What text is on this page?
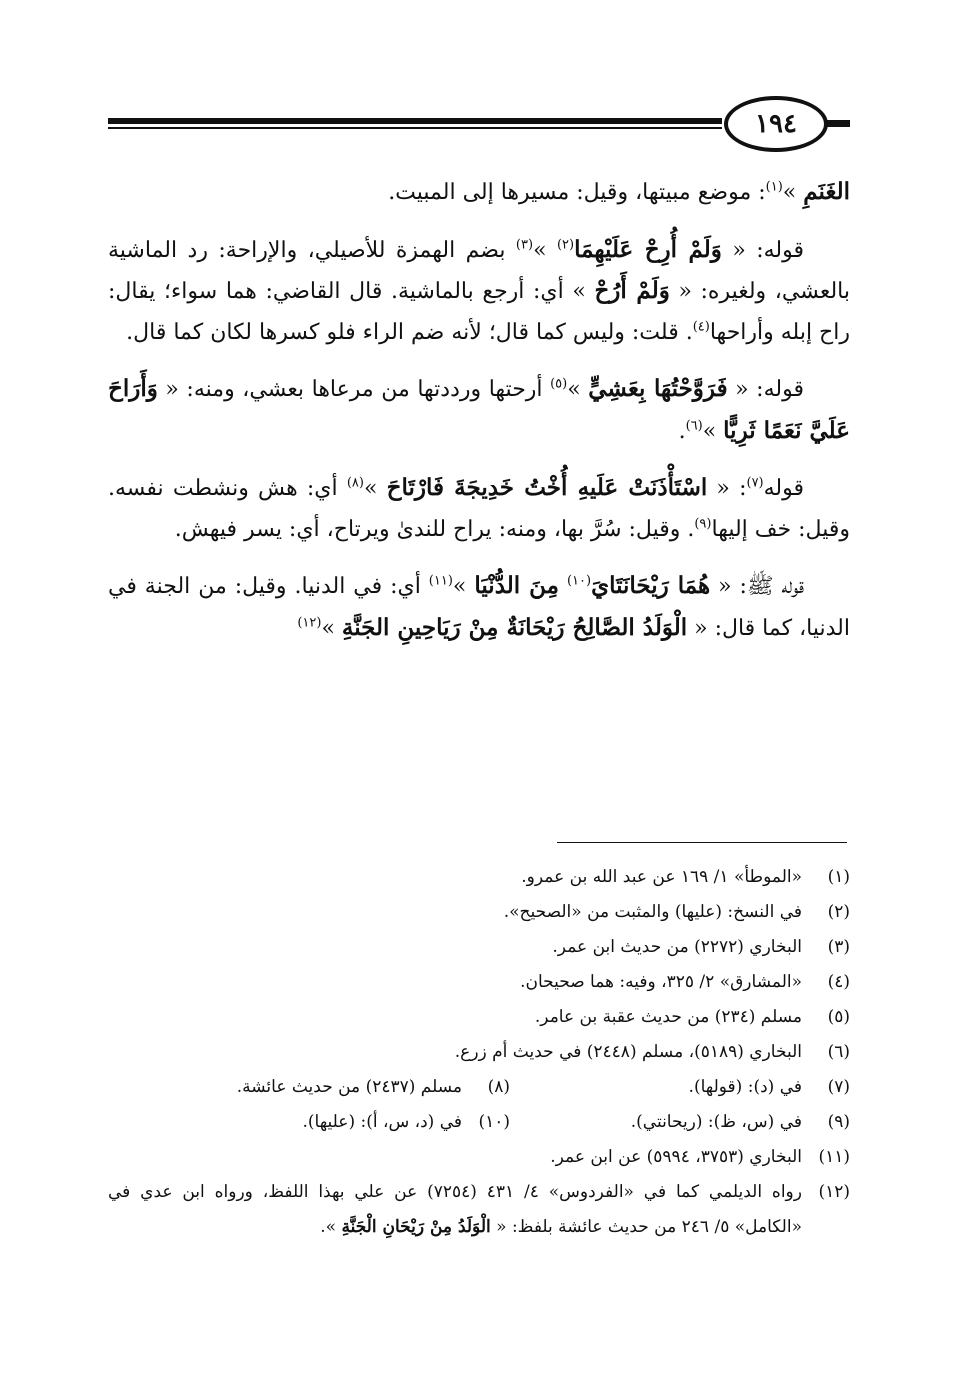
١٩٤

الغَنَمِ »$^{(١)}$: موضع مبيتها، وقيل: مسيرها إلى المبيت.

قوله: « وَلَمْ أُرِحْ عَلَيْهِمَا$^{(٢)}$ »$^{(٣)}$ بضم الهمزة للأصيلي، والإراحة: رد الماشية بالعشي، ولغيره: « وَلَمْ أَرُحْ » أي: أرجع بالماشية. قال القاضي: هما سواء؛ يقال: راح إبله وأراحها$^{(٤)}$. قلت: وليس كما قال؛ لأنه ضم الراء فلو كسرها لكان كما قال.

قوله: « فَرَوَّحْتُهَا بِعَشِيٍّ »$^{(٥)}$ أرحتها ورددتها من مرعاها بعشي، ومنه: « وَأَرَاحَ عَلَيَّ نَعَمًا ثَرِيًّا »$^{(٦)}$.

قوله$^{(٧)}$: « اسْتَأْذَنَتْ عَلَيهِ أُخْتُ خَدِيجَةَ فَارْتَاحَ »$^{(٨)}$ أي: هش ونشطت نفسه. وقيل: خف إليها$^{(٩)}$. وقيل: سُرَّ بها، ومنه: يراح للندىٰ ويرتاح، أي: يسر فيهش.

قوله ﷺ: « هُمَا رَيْحَانَتَايَ$^{(١٠)}$ مِنَ الدُّنْيَا »$^{(١١)}$ أي: في الدنيا. وقيل: من الجنة في الدنيا، كما قال: « الْوَلَدُ الصَّالِحُ رَيْحَانَةٌ مِنْ رَيَاحِينِ الجَنَّةِ »$^{(١٢)}$

(١)
«الموطأ» ١/ ١٦٩ عن عبد الله بن عمرو.
(٢)
في النسخ: (عليها) والمثبت من «الصحيح».
(٣)
البخاري (٢٢٧٢) من حديث ابن عمر.
(٤)
«المشارق» ٢/ ٣٢٥، وفيه: هما صحيحان.
(٥)
مسلم (٢٣٤) من حديث عقبة بن عامر.
(٦)
البخاري (٥١٨٩)، مسلم (٢٤٤٨) في حديث أم زرع.
(٧)
في (د): (قولها).
(٨)
مسلم (٢٤٣٧) من حديث عائشة.
(٩)
في (س، ظ): (ريحانتي).
(١٠)
في (د، س، أ): (عليها).
(١١)
البخاري (٣٧٥٣، ٥٩٩٤) عن ابن عمر.
(١٢)
رواه الديلمي كما في «الفردوس» ٤/ ٤٣١ (٧٢٥٤) عن علي بهذا اللفظ، ورواه ابن عدي في «الكامل» ٥/ ٢٤٦ من حديث عائشة بلفظ: « الْوَلَدُ مِنْ رَيْحَانِ الْجَنَّةِ ».
